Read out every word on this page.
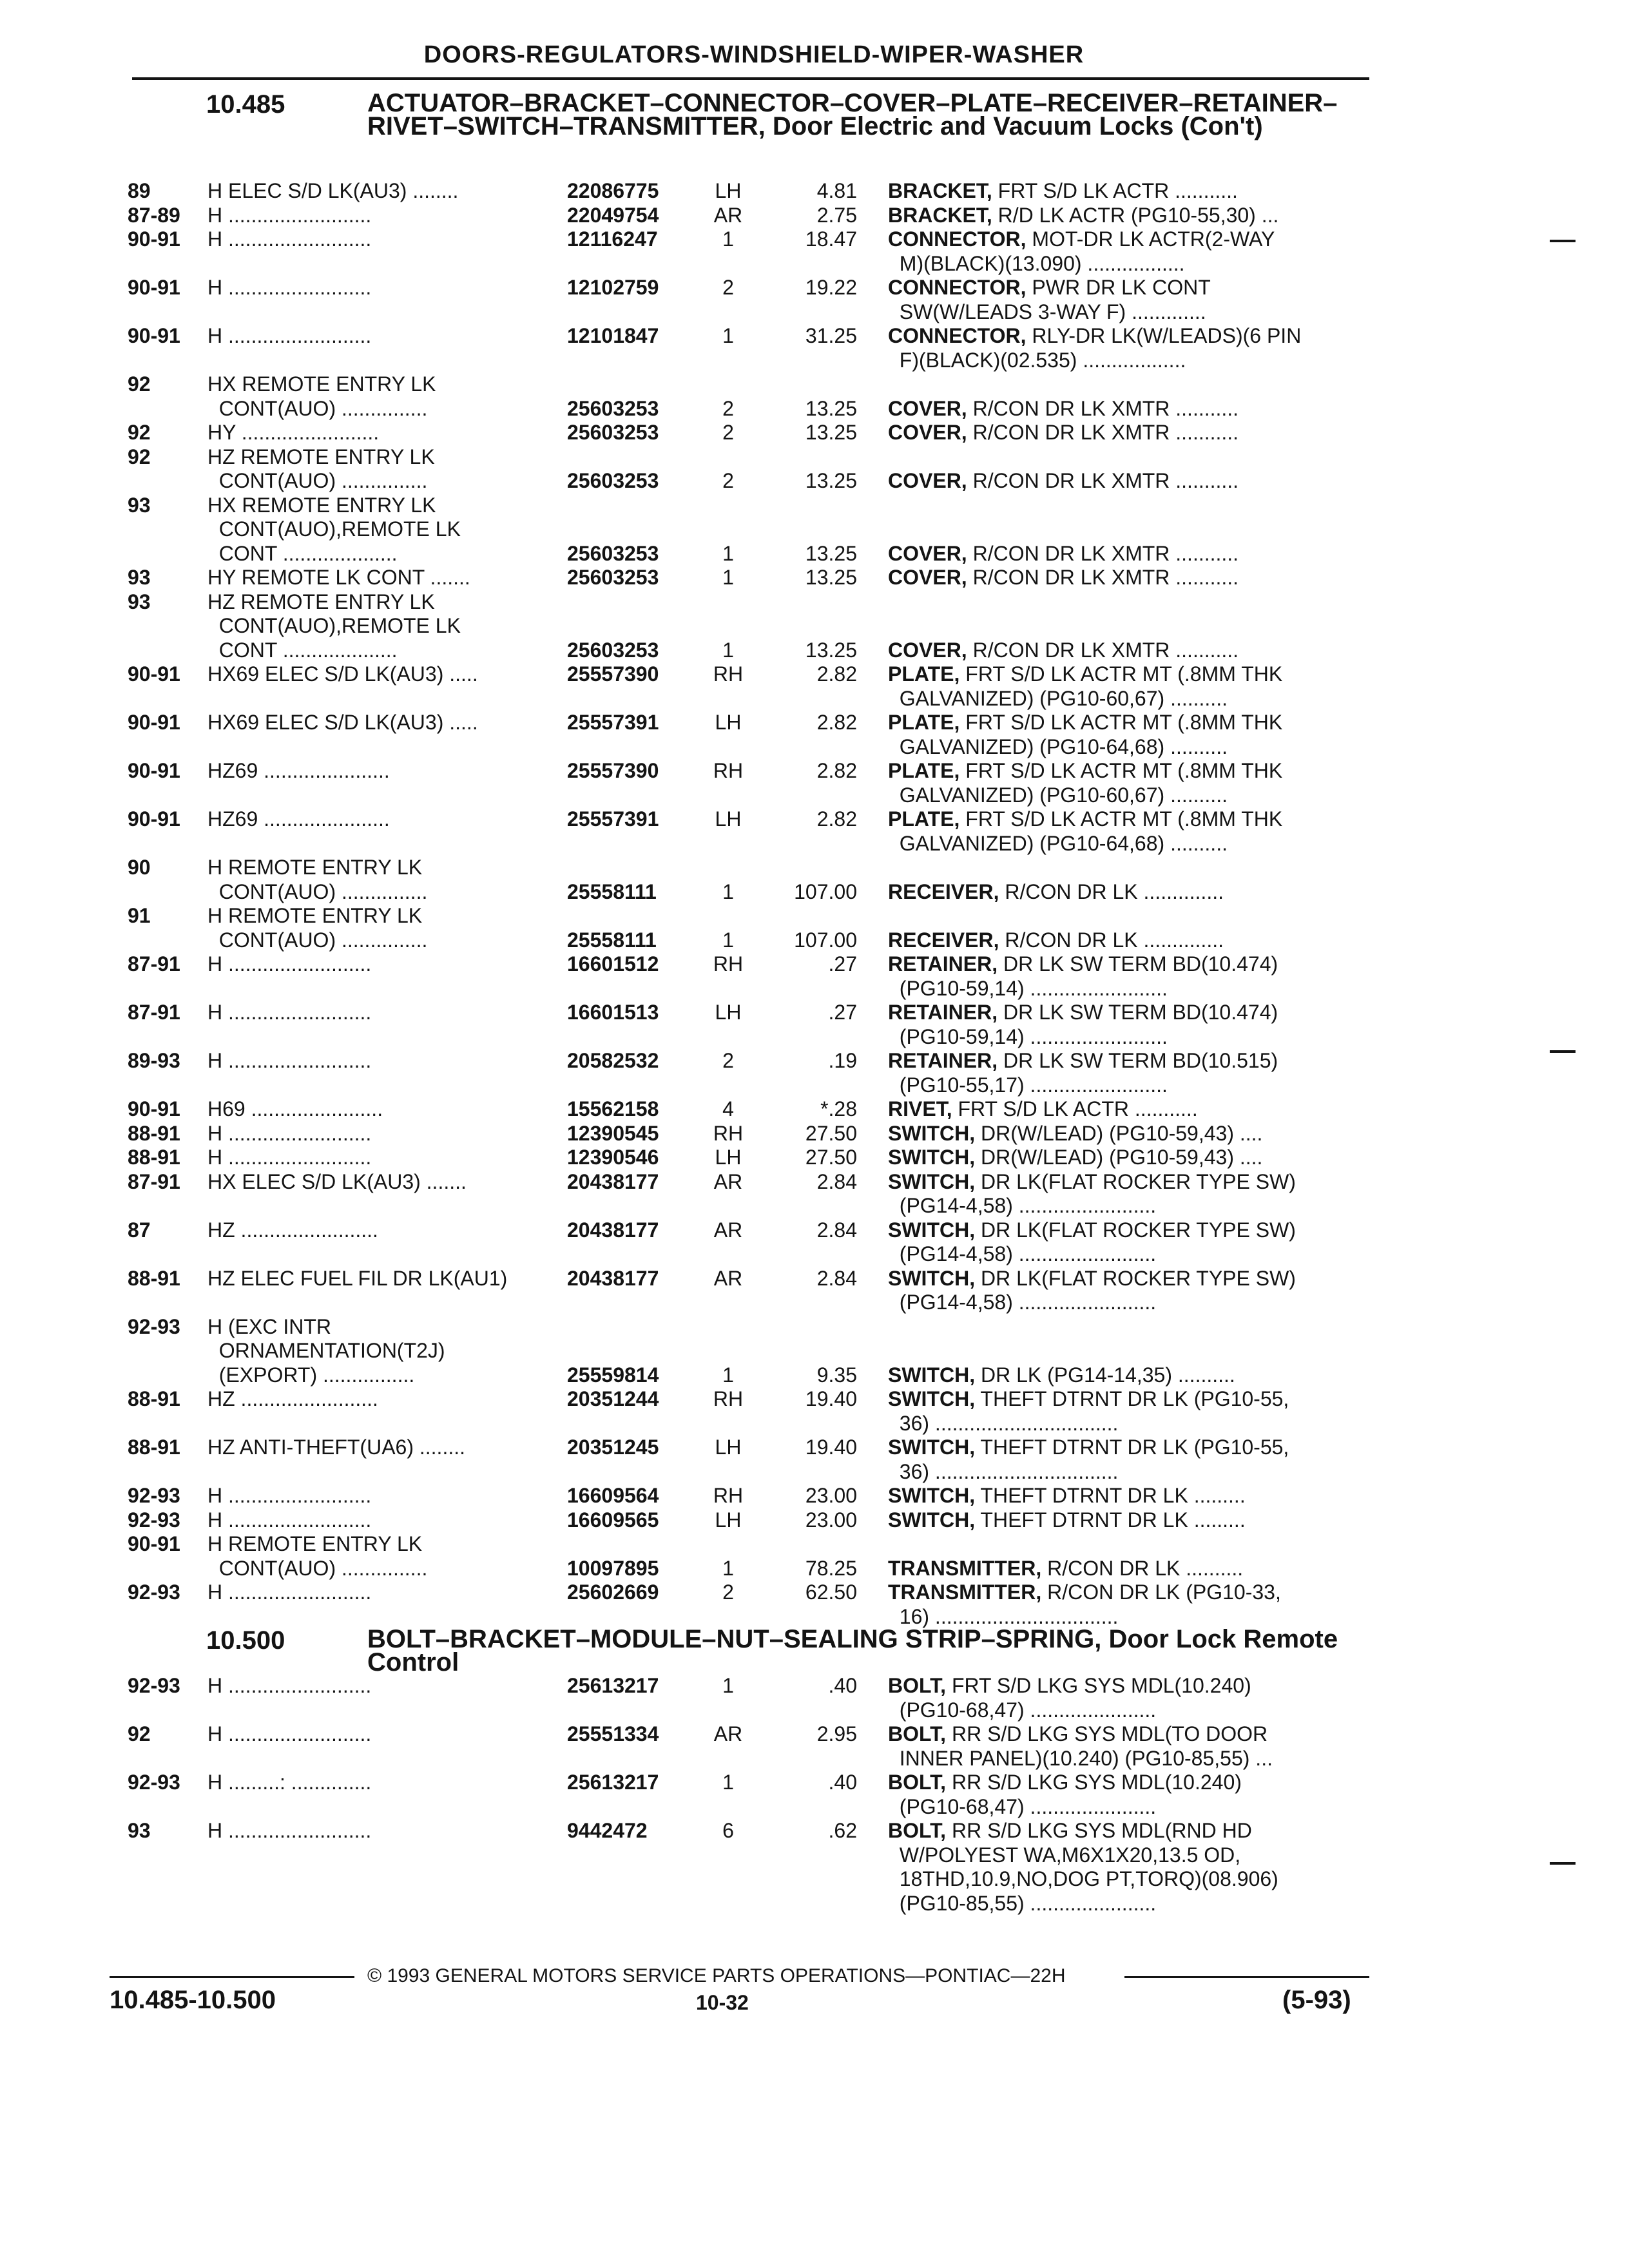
DOORS-REGULATORS-WINDSHIELD-WIPER-WASHER
10.485	ACTUATOR–BRACKET–CONNECTOR–COVER–PLATE–RECEIVER–RETAINER–RIVET–SWITCH–TRANSMITTER, Door Electric and Vacuum Locks (Con't)
89	H ELEC S/D LK(AU3) ........	22086775	LH	4.81 BRACKET, FRT S/D LK ACTR ...........
87-89 H .........................	22049754	AR	2.75 BRACKET, R/D LK ACTR (PG10-55,30) ...
90-91 H .........................	12116247	1	18.47 CONNECTOR, MOT-DR LK ACTR(2-WAY
M)(BLACK)(13.090) .................
90-91 H .........................	12102759	2	19.22 CONNECTOR, PWR DR LK CONT
SW(W/LEADS 3-WAY F) .............
90-91 H .........................	12101847	1	31.25 CONNECTOR, RLY-DR LK(W/LEADS)(6 PIN
F)(BLACK)(02.535) ..................
92	HX REMOTE ENTRY LK
CONT(AUO) ...............	25603253	2	13.25 COVER, R/CON DR LK XMTR ...........
92	HY ........................	25603253	2	13.25 COVER, R/CON DR LK XMTR ...........
92	HZ REMOTE ENTRY LK
CONT(AUO) ...............	25603253	2	13.25 COVER, R/CON DR LK XMTR ...........
93	HX REMOTE ENTRY LK
CONT(AUO),REMOTE LK
CONT ....................	25603253	1	13.25 COVER, R/CON DR LK XMTR ...........
93	HY REMOTE LK CONT .......	25603253	1	13.25 COVER, R/CON DR LK XMTR ...........
93	HZ REMOTE ENTRY LK
CONT(AUO),REMOTE LK
CONT ....................	25603253	1	13.25 COVER, R/CON DR LK XMTR ...........
90-91 HX69 ELEC S/D LK(AU3) .....	25557390	RH	2.82 PLATE, FRT S/D LK ACTR MT (.8MM THK
GALVANIZED) (PG10-60,67) ..........
90-91 HX69 ELEC S/D LK(AU3) .....	25557391	LH	2.82 PLATE, FRT S/D LK ACTR MT (.8MM THK
GALVANIZED) (PG10-64,68) ..........
90-91 HZ69 ......................	25557390	RH	2.82 PLATE, FRT S/D LK ACTR MT (.8MM THK
GALVANIZED) (PG10-60,67) ..........
90-91 HZ69 ......................	25557391	LH	2.82 PLATE, FRT S/D LK ACTR MT (.8MM THK
GALVANIZED) (PG10-64,68) ..........
90	H REMOTE ENTRY LK
CONT(AUO) ...............	25558111	1	107.00 RECEIVER, R/CON DR LK ..............
91	H REMOTE ENTRY LK
CONT(AUO) ...............	25558111	1	107.00 RECEIVER, R/CON DR LK ..............
87-91 H .........................	16601512	RH	.27 RETAINER, DR LK SW TERM BD(10.474)
(PG10-59,14) ........................
87-91 H .........................	16601513	LH	.27 RETAINER, DR LK SW TERM BD(10.474)
(PG10-59,14) ........................
89-93 H .........................	20582532	2	.19 RETAINER, DR LK SW TERM BD(10.515)
(PG10-55,17) ........................
90-91 H69 .......................	15562158	4	*.28 RIVET, FRT S/D LK ACTR ...........
88-91 H .........................	12390545	RH	27.50 SWITCH, DR(W/LEAD) (PG10-59,43) ....
88-91 H .........................	12390546	LH	27.50 SWITCH, DR(W/LEAD) (PG10-59,43) ....
87-91 HX ELEC S/D LK(AU3) .......	20438177	AR	2.84 SWITCH, DR LK(FLAT ROCKER TYPE SW)
(PG14-4,58) ........................
87	HZ ........................	20438177	AR	2.84 SWITCH, DR LK(FLAT ROCKER TYPE SW)
(PG14-4,58) ........................
88-91 HZ ELEC FUEL FIL DR LK(AU1)	20438177	AR	2.84 SWITCH, DR LK(FLAT ROCKER TYPE SW)
(PG14-4,58) ........................
92-93 H (EXC INTR
ORNAMENTATION(T2J)
(EXPORT) ................	25559814	1	9.35 SWITCH, DR LK (PG14-14,35) ..........
88-91 HZ ........................	20351244	RH	19.40 SWITCH, THEFT DTRNT DR LK (PG10-55,
36) ................................
88-91 HZ ANTI-THEFT(UA6) ........	20351245	LH	19.40 SWITCH, THEFT DTRNT DR LK (PG10-55,
36) ................................
92-93 H .........................	16609564	RH	23.00 SWITCH, THEFT DTRNT DR LK .........
92-93 H .........................	16609565	LH	23.00 SWITCH, THEFT DTRNT DR LK .........
90-91 H REMOTE ENTRY LK
CONT(AUO) ...............	10097895	1	78.25 TRANSMITTER, R/CON DR LK ..........
92-93 H .........................	25602669	2	62.50 TRANSMITTER, R/CON DR LK (PG10-33,
16) ................................
10.500	BOLT–BRACKET–MODULE–NUT–SEALING STRIP–SPRING, Door Lock Remote Control
92-93 H .........................	25613217	1	.40 BOLT, FRT S/D LKG SYS MDL(10.240)
(PG10-68,47) ......................
92	H .........................	25551334	AR	2.95 BOLT, RR S/D LKG SYS MDL(TO DOOR
INNER PANEL)(10.240) (PG10-85,55) ...
92-93 H .........: ..............	25613217	1	.40 BOLT, RR S/D LKG SYS MDL(10.240)
(PG10-68,47) ......................
93	H .........................	9442472	6	.62 BOLT, RR S/D LKG SYS MDL(RND HD
W/POLYEST WA,M6X1X20,13.5 OD,
18THD,10.9,NO,DOG PT,TORQ)(08.906)
(PG10-85,55) ......................
© 1993 GENERAL MOTORS SERVICE PARTS OPERATIONS—PONTIAC—22H
10.485-10.500	10-32	(5-93)
